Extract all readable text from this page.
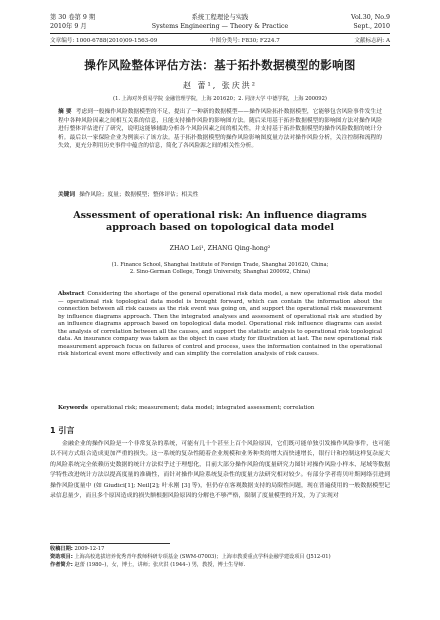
第 30 卷第 9 期	系统工程理论与实践	Vol.30, No.9
2010年 9 月	Systems Engineering — Theory & Practice	Sept., 2010
文章编号: 1000-6788(2010)09-1563-09	中图分类号: F830; F224.7	文献标志码: A
操作风险整体评估方法：基于拓扑数据模型的影响图
赵 蕾¹, 张庆洪²
(1. 上海对外贸易学院 金融管理学院，上海 201620；2. 同济大学 中德学院，上海 200092)
摘 要 考虑到一般操作风险数据模型的不足，提出了一种新的数据模型——操作风险拓扑数据模型，它能够包含风险事件发生过程中各种风险因素之间相互关系的信息，且能支持操作风险的影响图方法。随后采用基于拓扑数据模型的影响图方法对操作风险进行整体评估进行了研究，说明这能够辅助分析各个风险因素之间的相关性，并支持基于拓扑数据模型的操作风险数据的统计分析。最后以一家保险企业为例演示了该方法。基于拓扑数据模型的操作风险影响图度量方法对操作风险分析，关注控制和流程的失效，更充分利用历史事件中蕴含的信息，简化了各风险源之间的相关性分析。
关键词 操作风险；度量；数据模型；整体评估；相关性
Assessment of operational risk: An influence diagrams approach based on topological data model
ZHAO Lei¹, ZHANG Qing-hong²
(1. Finance School, Shanghai Institute of Foreign Trade, Shanghai 201620, China;
2. Sino-German College, Tongji University, Shanghai 200092, China)
Abstract Considering the shortage of the general operational risk data model, a new operational risk data model — operational risk topological data model is brought forward, which can contain the information about the connection between all risk causes as the risk event was going on, and support the operational risk measurement by influence diagrams approach. Then the integrated analyses and assessment of operational risk are studied by an influence diagrams approach based on topological data model. Operational risk influence diagrams can assist the analysis of correlation between all the causes, and support the statistic analysis to operational risk topological data. An insurance company was taken as the object in case study for illustration at last. The new operational risk measurement approach focus on failures of control and process, uses the information contained in the operational risk historical event more effectively and can simplify the correlation analysis of risk causes.
Keywords operational risk; measurement; data model; integrated assessment; correlation
1 引言
金融企业的操作风险是一个非常复杂的系统，可能有几十个甚至上百个风险原因，它们既可能单独引发操作风险事件，也可能以不同方式组合造成更加严重的损失。这一系统的复杂性随着企业规模和业务种类的增大而快速增长，银行计和控制这样复杂庞大的风险系统完全依赖历史数据的统计方法似乎过于理想化，目前大部分操作风险的度量研究力图针对操作风险小样本、尾域等数据学特性改进统计方法以提高度量的准确性，而针对操作风险系统复杂性的度量方法研究相对较少。有部分学者将贝叶斯网络引进到操作风险度量中 (如 Giudici[1]; Neil[2]; 叶永刚 [3] 等)，但仍存在客观数据支持的局限性问题，现在普遍使用的一般数据模型记录信息量少，而且多个原因造成的损失额根据风险原因的分解也不够严格，限制了度量模型的开发，为了实现对
收稿日期: 2009-12-17
资助项目: 上海高校选拔培养优秀青年教师科研专项基金 (SWM-07003)；上海市教委重点学科金融学建设项目 (J512-01)
作者简介: 赵蕾 (1980–)，女，博士，讲师；张庆洪 (1944–) 男，教授，博士生导师.
